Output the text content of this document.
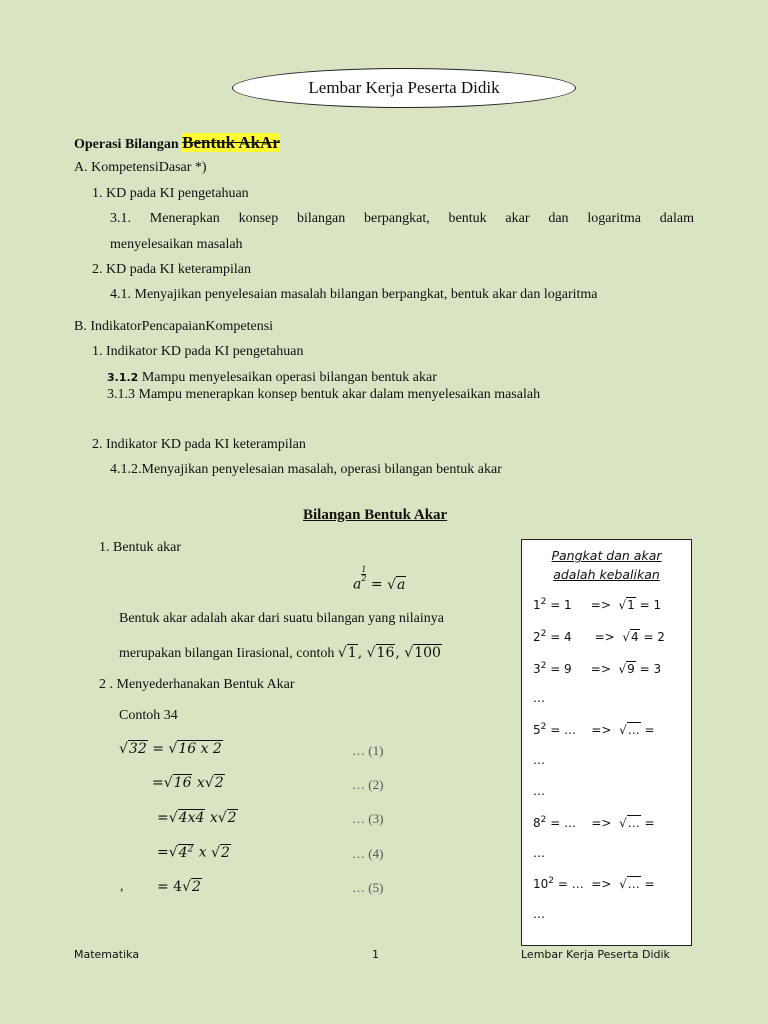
Lembar Kerja Peserta Didik
Operasi Bilangan Bentuk AkAr
A. KompetensiDasar *)
1. KD pada KI pengetahuan
3.1. Menerapkan konsep bilangan berpangkat, bentuk akar dan logaritma dalam
menyelesaikan masalah
2. KD pada KI keterampilan
4.1. Menyajikan penyelesaian masalah bilangan berpangkat, bentuk akar dan logaritma
B. IndikatorPencapaianKompetensi
1. Indikator KD pada KI pengetahuan
3.1.2 Mampu menyelesaikan operasi bilangan bentuk akar
3.1.3 Mampu menerapkan konsep bentuk akar dalam menyelesaikan masalah
2. Indikator KD pada KI keterampilan
4.1.2.Menyajikan penyelesaian masalah, operasi bilangan bentuk akar
Bilangan Bentuk Akar
1. Bentuk akar
a
$^{\frac{1}{2}}$
= √a
Bentuk akar adalah akar dari suatu bilangan yang nilainya
merupakan bilangan Iirasional, contoh √1, √16, √100
2 . Menyederhanakan Bentuk Akar
Contoh 34
√32 = √16 x 2
=√16 x√2
=√4x4 x√2
$=√4^2$ x √2
, = 4√2
… (1)
… (2)
… (3)
… (4)
… (5)
Pangkat dan akar
adalah kebalikan
$1^2 = 1$     =>  √1 = 1
$2^2 = 4$      =>  √4 = 2
$3^2 = 9$     =>  √9 = 3
…
$5^2$ = …    =>  √… =
…
…
$8^2$ = …    =>  √… =
…
$10^2$ = …  =>  √… =
…
Matematika	1	Lembar Kerja Peserta Didik
